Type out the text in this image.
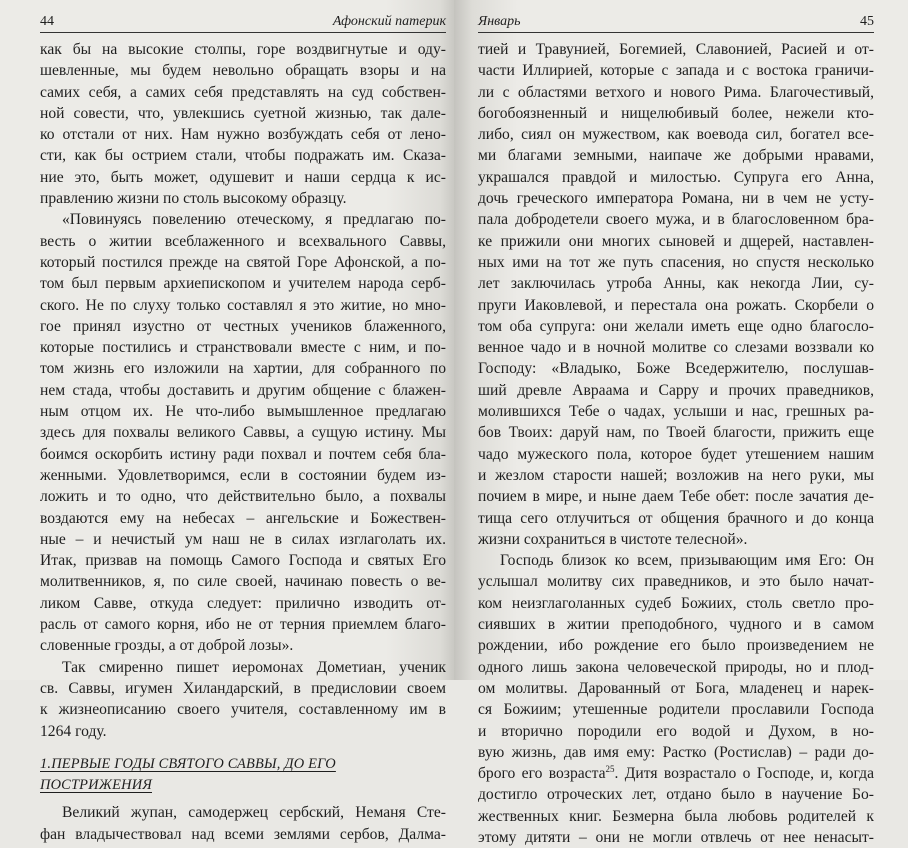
44	Афонский патерик

как бы на высокие столпы, горе воздвигнутые и оду-
шевленные, мы будем невольно обращать взоры и на
самих себя, а самих себя представлять на суд собствен-
ной совести, что, увлекшись суетной жизнью, так дале-
ко отстали от них. Нам нужно возбуждать себя от лено-
сти, как бы острием стали, чтобы подражать им. Сказа-
ние это, быть может, одушевит и наши сердца к ис-
правлению жизни по столь высокому образцу.

«Повинуясь повелению отеческому, я предлагаю по-
весть о житии всеблаженного и всехвального Саввы,
который постился прежде на святой Горе Афонской, а по-
том был первым архиепископом и учителем народа серб-
ского. Не по слуху только составлял я это житие, но мно-
гое принял изустно от честных учеников блаженного,
которые постились и странствовали вместе с ним, и по-
том жизнь его изложили на хартии, для собранного по
нем стада, чтобы доставить и другим общение с блажен-
ным отцом их. Не что-либо вымышленное предлагаю
здесь для похвалы великого Саввы, а сущую истину. Мы
боимся оскорбить истину ради похвал и почтем себя бла-
женными. Удовлетворимся, если в состоянии будем из-
ложить и то одно, что действительно было, а похвалы
воздаются ему на небесах – ангельские и Божествен-
ные – и нечистый ум наш не в силах изглаголать их.
Итак, призвав на помощь Самого Господа и святых Его
молитвенников, я, по силе своей, начинаю повесть о ве-
ликом Савве, откуда следует: прилично изводить от-
расль от самого корня, ибо не от терния приемлем благо-
словенные грозды, а от доброй лозы».

Так смиренно пишет иеромонах Дометиан, ученик
св. Саввы, игумен Хиландарский, в предисловии своем
к жизнеописанию своего учителя, составленному им в
1264 году.

1.ПЕРВЫЕ ГОДЫ СВЯТОГО САВВЫ, ДО ЕГО ПОСТРИЖЕНИЯ

Великий жупан, самодержец сербский, Неманя Сте-
фан владычествовал над всеми землями сербов, Далма-

Январь	45

тией и Травунией, Богемией, Славонией, Расией и от-
части Иллирией, которые с запада и с востока граничи-
ли с областями ветхого и нового Рима. Благочестивый,
богобоязненный и нищелюбивый более, нежели кто-
либо, сиял он мужеством, как воевода сил, богател все-
ми благами земными, наипаче же добрыми нравами,
украшался правдой и милостью. Супруга его Анна,
дочь греческого императора Романа, ни в чем не усту-
пала добродетели своего мужа, и в благословенном бра-
ке прижили они многих сыновей и дщерей, наставлен-
ных ими на тот же путь спасения, но спустя несколько
лет заключилась утроба Анны, как некогда Лии, су-
пруги Иаковлевой, и перестала она рожать. Скорбели о
том оба супруга: они желали иметь еще одно благосло-
венное чадо и в ночной молитве со слезами воззвали ко
Господу: «Владыко, Боже Вседержителю, послушав-
ший древле Авраама и Сарру и прочих праведников,
молившихся Тебе о чадах, услыши и нас, грешных ра-
бов Твоих: даруй нам, по Твоей благости, прижить еще
чадо мужеского пола, которое будет утешением нашим
и жезлом старости нашей; возложив на него руки, мы
почием в мире, и ныне даем Тебе обет: после зачатия де-
тища сего отлучиться от общения брачного и до конца
жизни сохраниться в чистоте телесной».

Господь близок ко всем, призывающим имя Его: Он
услышал молитву сих праведников, и это было начат-
ком неизглаголанных судеб Божиих, столь светло про-
сиявших в житии преподобного, чудного и в самом
рождении, ибо рождение его было произведением не
одного лишь закона человеческой природы, но и плод-
ом молитвы. Дарованный от Бога, младенец и нарек-
ся Божиим; утешенные родители прославили Господа
и вторично породили его водой и Духом, в но-
вую жизнь, дав имя ему: Растко (Ростислав) – ради до-
брого его возраста$^{25}$. Дитя возрастало о Господе, и, когда
достигло отроческих лет, отдано было в научение Бо-
жественных книг. Безмерна была любовь родителей к
этому дитяти – они не могли отвлечь от нее ненасыт-
